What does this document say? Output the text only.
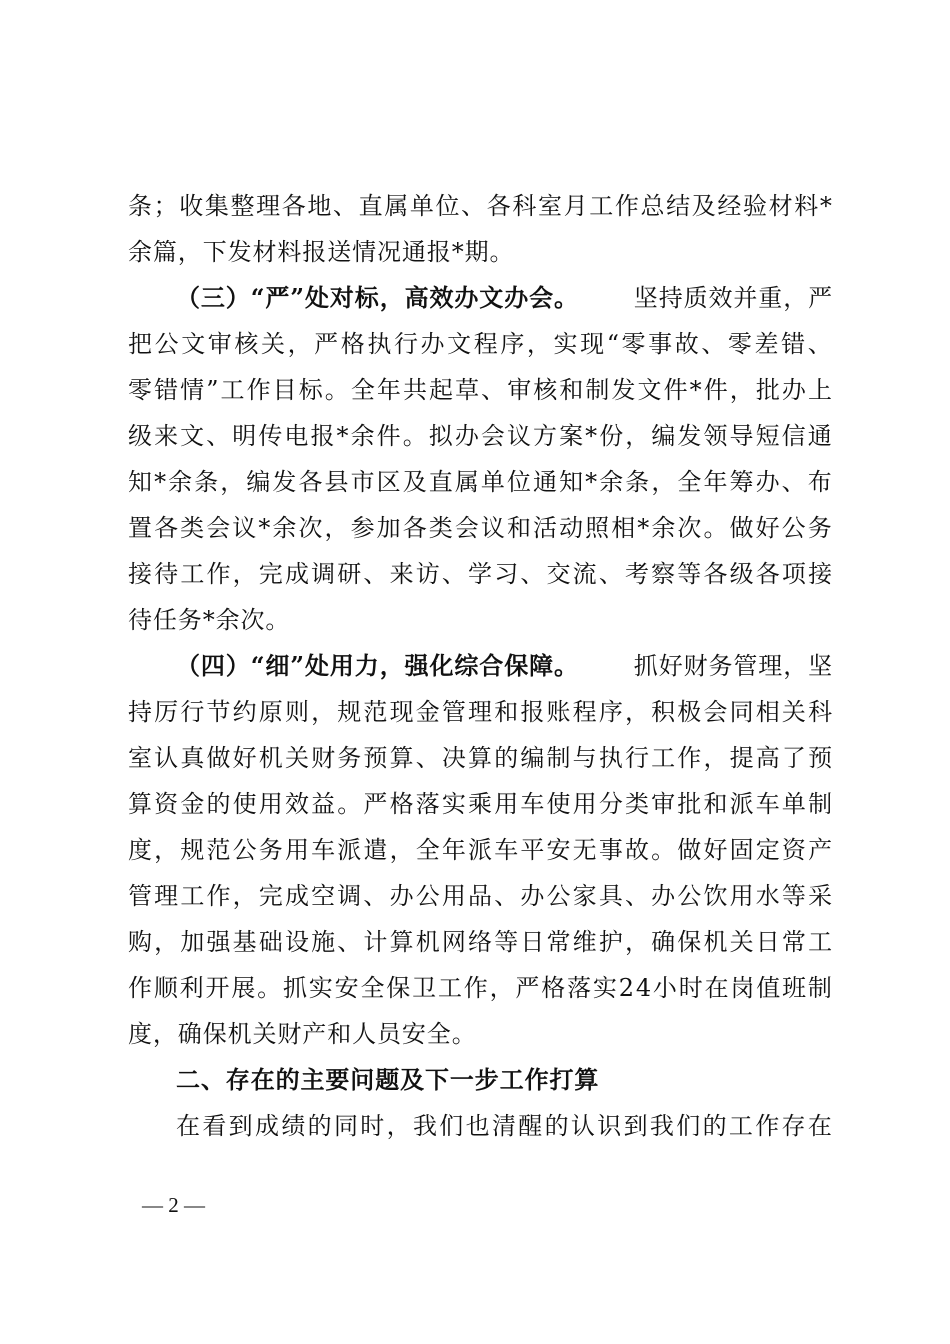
条 ； 收 集 整 理 各 地 、 直 属 单 位 、 各 科 室 月 工 作 总 结 及 经 验 材 料 *
余篇，下发材料报送情况通报*期。
（三）“严”处对标，高效办文办会。 坚持质效并重，严
把 公 文 审 核 关 ， 严 格 执 行 办 文 程 序 ， 实 现 “ 零 事 故 、 零 差 错 、
零 错 情 ” 工 作 目 标 。 全 年 共 起 草 、 审 核 和 制 发 文 件 * 件 ， 批 办 上
级 来 文 、 明 传 电 报 * 余 件 。 拟 办 会 议 方 案 * 份 ， 编 发 领 导 短 信 通
知 * 余 条 ， 编 发 各 县 市 区 及 直 属 单 位 通 知 * 余 条 ， 全 年 筹 办 、 布
置 各 类 会 议 * 余 次 ， 参 加 各 类 会 议 和 活 动 照 相 * 余 次 。 做 好 公 务
接 待 工 作 ， 完 成 调 研 、 来 访 、 学 习 、 交 流 、 考 察 等 各 级 各 项 接
待任务*余次。
（四）“细”处用力，强化综合保障。 抓好财务管理，坚
持 厉 行 节 约 原 则 ， 规 范 现 金 管 理 和 报 账 程 序 ， 积 极 会 同 相 关 科
室 认 真 做 好 机 关 财 务 预 算 、 决 算 的 编 制 与 执 行 工 作 ， 提 高 了 预
算 资 金 的 使 用 效 益 。 严 格 落 实 乘 用 车 使 用 分 类 审 批 和 派 车 单 制
度 ， 规 范 公 务 用 车 派 遣 ， 全 年 派 车 平 安 无 事 故 。 做 好 固 定 资 产
管 理 工 作 ， 完 成 空 调 、 办 公 用 品 、 办 公 家 具 、 办 公 饮 用 水 等 采
购 ， 加 强 基 础 设 施 、 计 算 机 网 络 等 日 常 维 护 ， 确 保 机 关 日 常 工
作 顺 利 开 展 。 抓 实 安 全 保 卫 工 作 ， 严 格 落 实 2 4 小 时 在 岗 值 班 制
度，确保机关财产和人员安全。
二、存在的主要问题及下一步工作打算
在 看 到 成 绩 的 同 时 ， 我 们 也 清 醒 的 认 识 到 我 们 的 工 作 存 在
— 2 —
